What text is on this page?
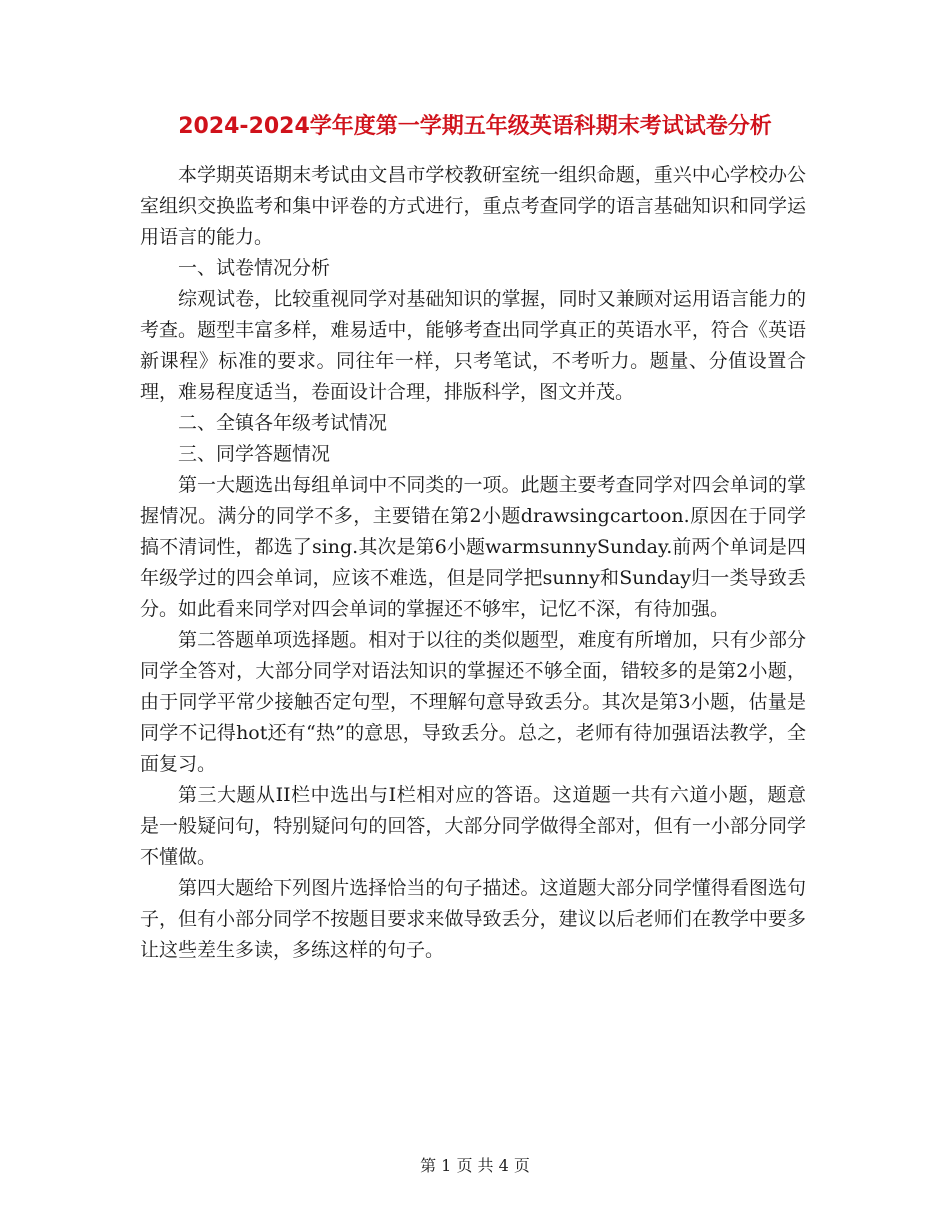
2024-2024学年度第一学期五年级英语科期末考试试卷分析

本学期英语期末考试由文昌市学校教研室统一组织命题，重兴中心学校办公室组织交换监考和集中评卷的方式进行，重点考查同学的语言基础知识和同学运用语言的能力。

一、试卷情况分析

综观试卷，比较重视同学对基础知识的掌握，同时又兼顾对运用语言能力的考查。题型丰富多样，难易适中，能够考查出同学真正的英语水平，符合《英语新课程》标准的要求。同往年一样，只考笔试，不考听力。题量、分值设置合理，难易程度适当，卷面设计合理，排版科学，图文并茂。

二、全镇各年级考试情况

三、同学答题情况

第一大题选出每组单词中不同类的一项。此题主要考查同学对四会单词的掌握情况。满分的同学不多，主要错在第2小题drawsingcartoon.原因在于同学搞不清词性，都选了sing.其次是第6小题warmsunnySunday.前两个单词是四年级学过的四会单词，应该不难选，但是同学把sunny和Sunday归一类导致丢分。如此看来同学对四会单词的掌握还不够牢，记忆不深，有待加强。

第二答题单项选择题。相对于以往的类似题型，难度有所增加，只有少部分同学全答对，大部分同学对语法知识的掌握还不够全面，错较多的是第2小题，由于同学平常少接触否定句型，不理解句意导致丢分。其次是第3小题，估量是同学不记得hot还有“热”的意思，导致丢分。总之，老师有待加强语法教学，全面复习。

第三大题从II栏中选出与I栏相对应的答语。这道题一共有六道小题，题意是一般疑问句，特别疑问句的回答，大部分同学做得全部对，但有一小部分同学不懂做。

第四大题给下列图片选择恰当的句子描述。这道题大部分同学懂得看图选句子，但有小部分同学不按题目要求来做导致丢分，建议以后老师们在教学中要多让这些差生多读，多练这样的句子。

第 1 页 共 4 页
